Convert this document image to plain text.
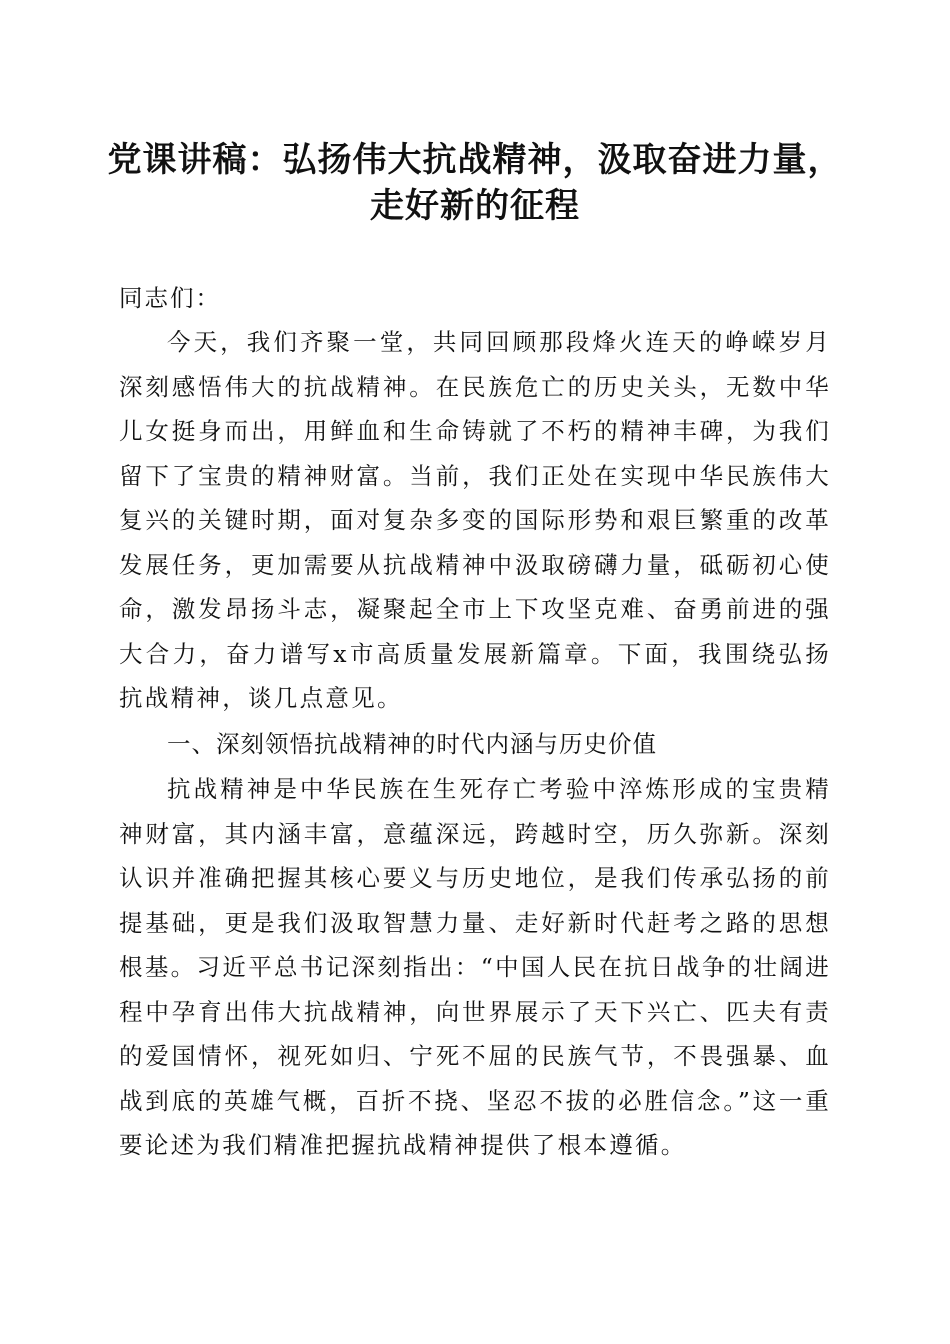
党课讲稿：弘扬伟大抗战精神，汲取奋进力量，
走好新的征程
同志们：
今天，我们齐聚一堂，共同回顾那段烽火连天的峥嵘岁月深刻感悟伟大的抗战精神。在民族危亡的历史关头，无数中华儿女挺身而出，用鲜血和生命铸就了不朽的精神丰碑，为我们留下了宝贵的精神财富。当前，我们正处在实现中华民族伟大复兴的关键时期，面对复杂多变的国际形势和艰巨繁重的改革发展任务，更加需要从抗战精神中汲取磅礴力量，砥砺初心使命，激发昂扬斗志，凝聚起全市上下攻坚克难、奋勇前进的强大合力，奋力谱写x市高质量发展新篇章。下面，我围绕弘扬抗战精神，谈几点意见。
一、深刻领悟抗战精神的时代内涵与历史价值
抗战精神是中华民族在生死存亡考验中淬炼形成的宝贵精神财富，其内涵丰富，意蕴深远，跨越时空，历久弥新。深刻认识并准确把握其核心要义与历史地位，是我们传承弘扬的前提基础，更是我们汲取智慧力量、走好新时代赶考之路的思想根基。习近平总书记深刻指出：“中国人民在抗日战争的壮阔进程中孕育出伟大抗战精神，向世界展示了天下兴亡、匹夫有责的爱国情怀，视死如归、宁死不屈的民族气节，不畏强暴、血战到底的英雄气概，百折不挠、坚忍不拔的必胜信念。”这一重要论述为我们精准把握抗战精神提供了根本遵循。
